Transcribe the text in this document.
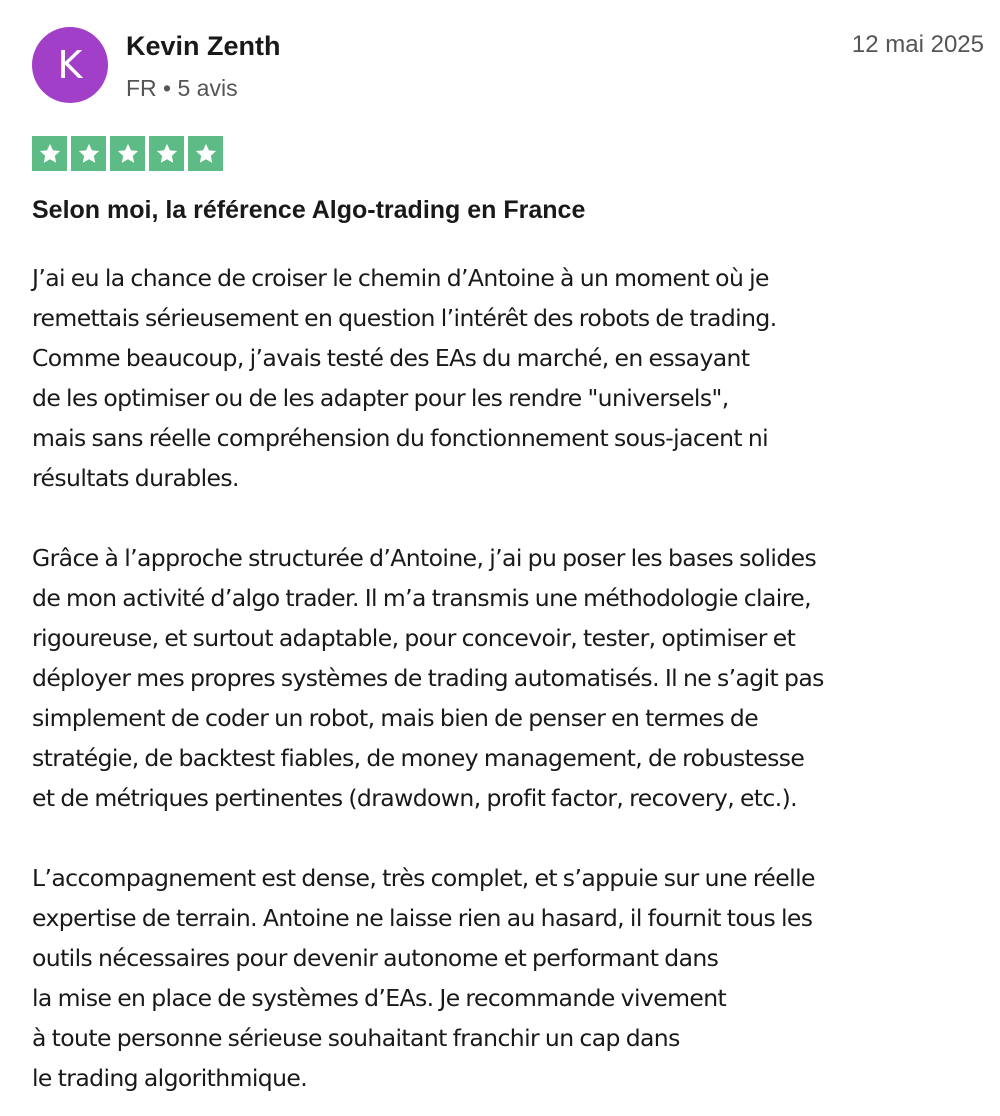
K	Kevin Zenth
FR • 5 avis
12 mai 2025
Selon moi, la référence Algo-trading en France

J’ai eu la chance de croiser le chemin d’Antoine à un moment où je
remettais sérieusement en question l’intérêt des robots de trading.
Comme beaucoup, j’avais testé des EAs du marché, en essayant
de les optimiser ou de les adapter pour les rendre "universels",
mais sans réelle compréhension du fonctionnement sous-jacent ni
résultats durables.

Grâce à l’approche structurée d’Antoine, j’ai pu poser les bases solides
de mon activité d’algo trader. Il m’a transmis une méthodologie claire,
rigoureuse, et surtout adaptable, pour concevoir, tester, optimiser et
déployer mes propres systèmes de trading automatisés. Il ne s’agit pas
simplement de coder un robot, mais bien de penser en termes de
stratégie, de backtest fiables, de money management, de robustesse
et de métriques pertinentes (drawdown, profit factor, recovery, etc.).

L’accompagnement est dense, très complet, et s’appuie sur une réelle
expertise de terrain. Antoine ne laisse rien au hasard, il fournit tous les
outils nécessaires pour devenir autonome et performant dans
la mise en place de systèmes d’EAs. Je recommande vivement
à toute personne sérieuse souhaitant franchir un cap dans
le trading algorithmique.
